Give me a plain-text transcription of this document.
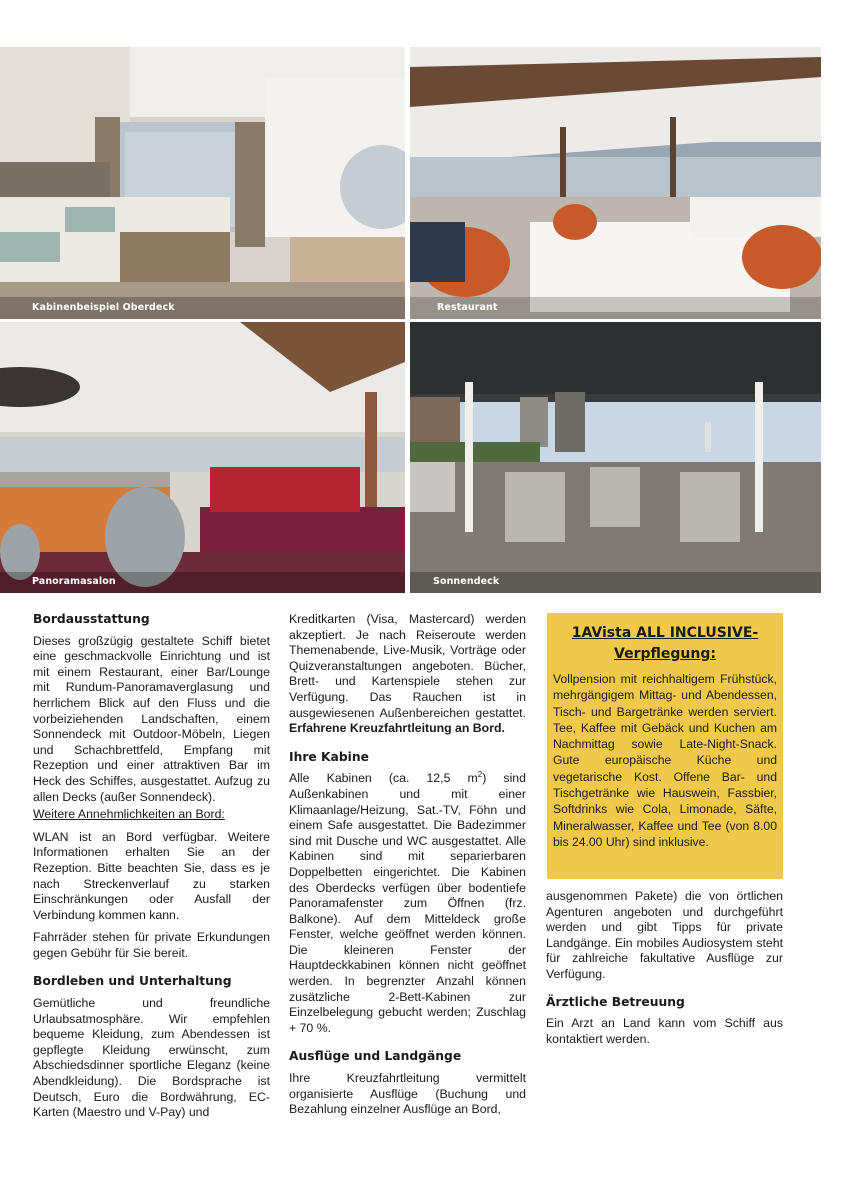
Kabinenbeispiel Oberdeck	Restaurant
Panoramasalon	Sonnendeck
Bordausstattung

Dieses großzügig gestaltete Schiff bietet eine geschmackvolle Einrichtung und ist mit einem Restaurant, einer Bar/Lounge mit Rundum-Panoramaverglasung und herrlichem Blick auf den Fluss und die vorbeiziehenden Landschaften, einem Sonnendeck mit Outdoor-Möbeln, Liegen und Schachbrettfeld, Empfang mit Rezeption und einer attraktiven Bar im Heck des Schiffes, ausgestattet. Aufzug zu allen Decks (außer Sonnendeck).

Weitere Annehmlichkeiten an Bord:

WLAN ist an Bord verfügbar. Weitere Informationen erhalten Sie an der Rezeption. Bitte beachten Sie, dass es je nach Streckenverlauf zu starken Einschränkungen oder Ausfall der Verbindung kommen kann.

Fahrräder stehen für private Erkundungen gegen Gebühr für Sie bereit.

Bordleben und Unterhaltung

Gemütliche und freundliche Urlaubsatmosphäre. Wir empfehlen bequeme Kleidung, zum Abendessen ist gepflegte Kleidung erwünscht, zum Abschiedsdinner sportliche Eleganz (keine Abendkleidung). Die Bordsprache ist Deutsch, Euro die Bordwährung, EC-Karten (Maestro und V-Pay) und

Kreditkarten (Visa, Mastercard) werden akzeptiert. Je nach Reiseroute werden Themenabende, Live-Musik, Vorträge oder Quizveranstaltungen angeboten. Bücher, Brett- und Kartenspiele stehen zur Verfügung. Das Rauchen ist in ausgewiesenen Außenbereichen gestattet. Erfahrene Kreuzfahrtleitung an Bord.

Ihre Kabine

Alle Kabinen (ca. 12,5 $m^2$) sind Außenkabinen und mit einer Klimaanlage/Heizung, Sat.-TV, Föhn und einem Safe ausgestattet. Die Badezimmer sind mit Dusche und WC ausgestattet. Alle Kabinen sind mit separierbaren Doppelbetten eingerichtet. Die Kabinen des Oberdecks verfügen über bodentiefe Panoramafenster zum Öffnen (frz. Balkone). Auf dem Mitteldeck große Fenster, welche geöffnet werden können. Die kleineren Fenster der Hauptdeckkabinen können nicht geöffnet werden. In begrenzter Anzahl können zusätzliche 2-Bett-Kabinen zur Einzelbelegung gebucht werden; Zuschlag + 70 %.

Ausflüge und Landgänge

Ihre Kreuzfahrtleitung vermittelt organisierte Ausflüge (Buchung und Bezahlung einzelner Ausflüge an Bord,

1AVista ALL INCLUSIVE-
Verpflegung:

Vollpension mit reichhaltigem Frühstück, mehrgängigem Mittag- und Abendessen, Tisch- und Bargetränke werden serviert. Tee, Kaffee mit Gebäck und Kuchen am Nachmittag sowie Late-Night-Snack. Gute europäische Küche und vegetarische Kost. Offene Bar- und Tischgetränke wie Hauswein, Fassbier, Softdrinks wie Cola, Limonade, Säfte, Mineralwasser, Kaffee und Tee (von 8.00 bis 24.00 Uhr) sind inklusive.

ausgenommen Pakete) die von örtlichen Agenturen angeboten und durchgeführt werden und gibt Tipps für private Landgänge. Ein mobiles Audiosystem steht für zahlreiche fakultative Ausflüge zur Verfügung.

Ärztliche Betreuung

Ein Arzt an Land kann vom Schiff aus kontaktiert werden.
